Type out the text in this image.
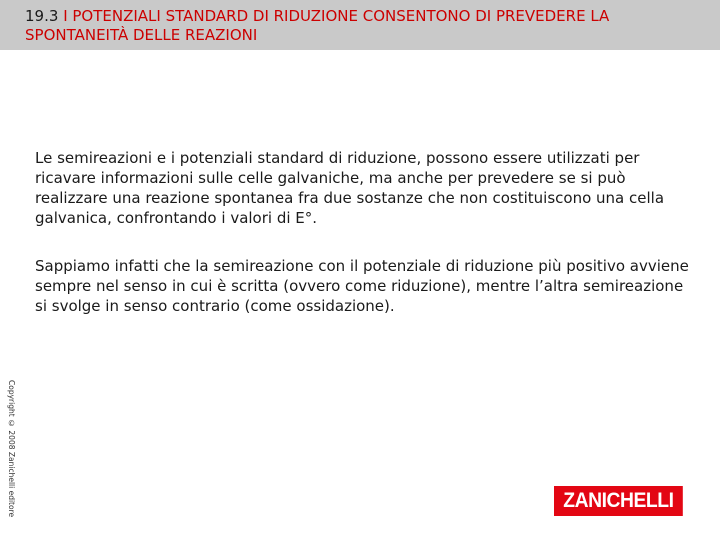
19.3 I POTENZIALI STANDARD DI RIDUZIONE CONSENTONO DI PREVEDERE LA SPONTANEITÀ DELLE REAZIONI

Le semireazioni e i potenziali standard di riduzione, possono essere utilizzati per ricavare informazioni sulle celle galvaniche, ma anche per prevedere se si può realizzare una reazione spontanea fra due sostanze che non costituiscono una cella galvanica, confrontando i valori di E°.

Sappiamo infatti che la semireazione con il potenziale di riduzione più positivo avviene sempre nel senso in cui è scritta (ovvero come riduzione), mentre l’altra semireazione si svolge in senso contrario (come ossidazione).

Copyright © 2008 Zanichelli editore	ZANICHELLI
